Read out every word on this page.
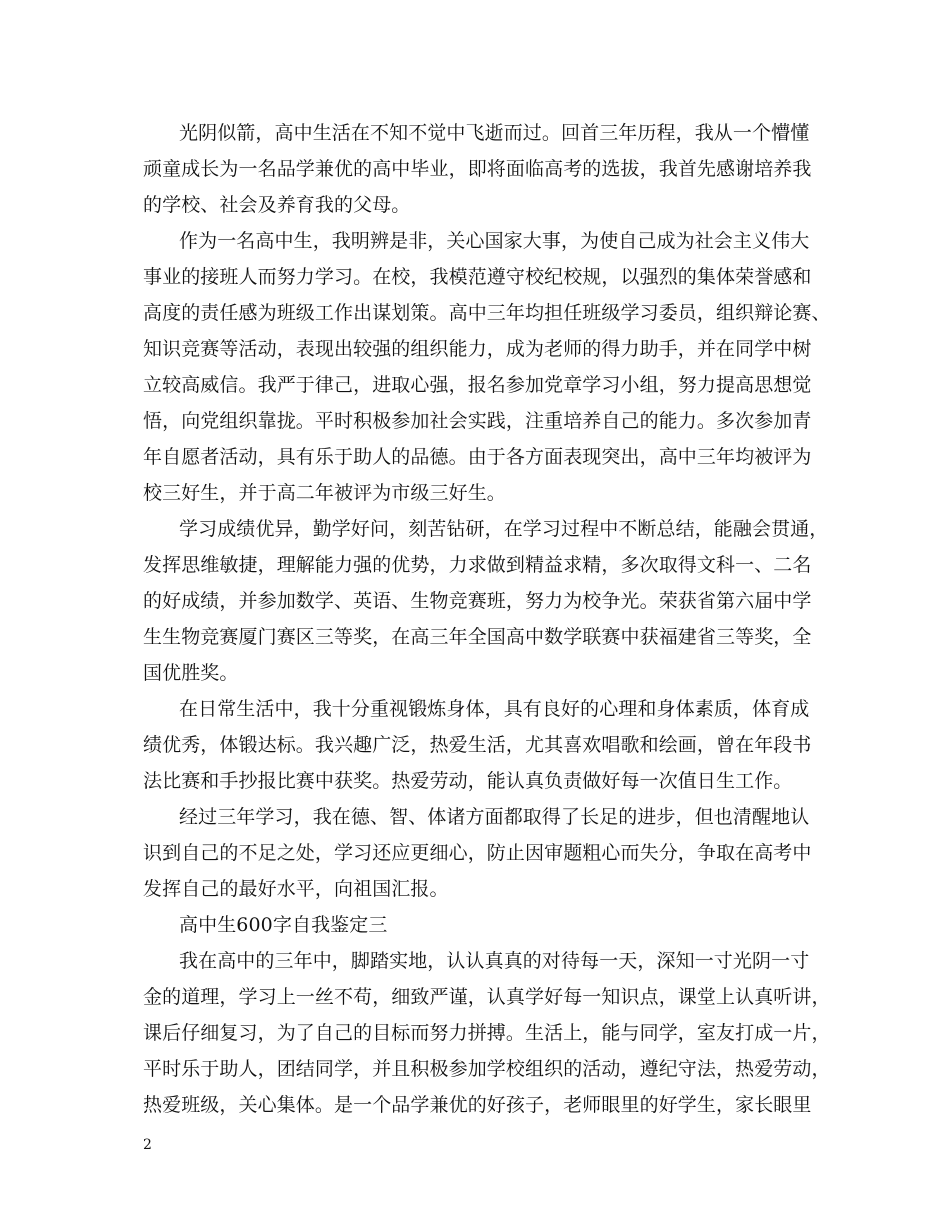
光阴似箭，高中生活在不知不觉中飞逝而过。回首三年历程，我从一个懵懂
顽童成长为一名品学兼优的高中毕业，即将面临高考的选拔，我首先感谢培养我
的学校、社会及养育我的父母。
作为一名高中生，我明辨是非，关心国家大事，为使自己成为社会主义伟大
事业的接班人而努力学习。在校，我模范遵守校纪校规，以强烈的集体荣誉感和
高度的责任感为班级工作出谋划策。高中三年均担任班级学习委员，组织辩论赛、
知识竞赛等活动，表现出较强的组织能力，成为老师的得力助手，并在同学中树
立较高威信。我严于律己，进取心强，报名参加党章学习小组，努力提高思想觉
悟，向党组织靠拢。平时积极参加社会实践，注重培养自己的能力。多次参加青
年自愿者活动，具有乐于助人的品德。由于各方面表现突出，高中三年均被评为
校三好生，并于高二年被评为市级三好生。
学习成绩优异，勤学好问，刻苦钻研，在学习过程中不断总结，能融会贯通，
发挥思维敏捷，理解能力强的优势，力求做到精益求精，多次取得文科一、二名
的好成绩，并参加数学、英语、生物竞赛班，努力为校争光。荣获省第六届中学
生生物竞赛厦门赛区三等奖，在高三年全国高中数学联赛中获福建省三等奖，全
国优胜奖。
在日常生活中，我十分重视锻炼身体，具有良好的心理和身体素质，体育成
绩优秀，体锻达标。我兴趣广泛，热爱生活，尤其喜欢唱歌和绘画，曾在年段书
法比赛和手抄报比赛中获奖。热爱劳动，能认真负责做好每一次值日生工作。
经过三年学习，我在德、智、体诸方面都取得了长足的进步，但也清醒地认
识到自己的不足之处，学习还应更细心，防止因审题粗心而失分，争取在高考中
发挥自己的最好水平，向祖国汇报。
高中生600字自我鉴定三
我在高中的三年中，脚踏实地，认认真真的对待每一天，深知一寸光阴一寸
金的道理，学习上一丝不苟，细致严谨，认真学好每一知识点，课堂上认真听讲，
课后仔细复习，为了自己的目标而努力拼搏。生活上，能与同学，室友打成一片，
平时乐于助人，团结同学，并且积极参加学校组织的活动，遵纪守法，热爱劳动，
热爱班级，关心集体。是一个品学兼优的好孩子，老师眼里的好学生，家长眼里
2
